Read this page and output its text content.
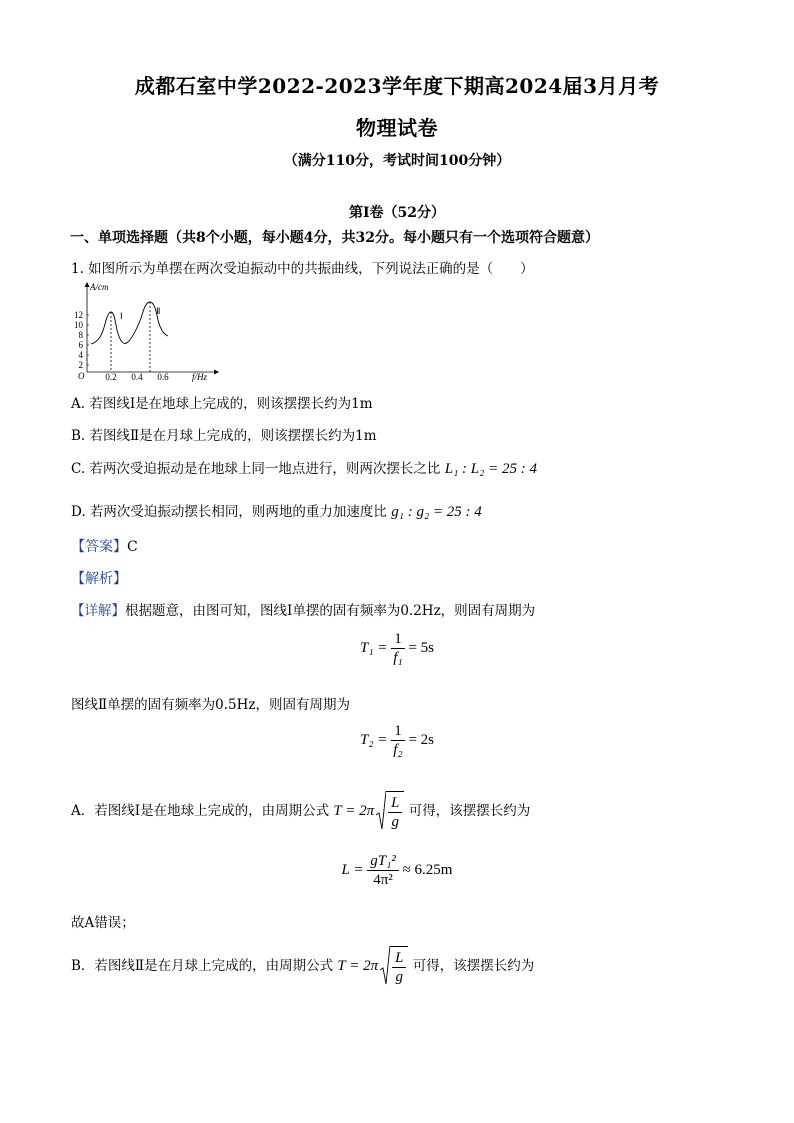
成都石室中学2022-2023学年度下期高2024届3月月考
物理试卷
（满分110分，考试时间100分钟）
第Ⅰ卷（52分）
一、单项选择题（共8个小题，每小题4分，共32分。每小题只有一个选项符合题意）
1. 如图所示为单摆在两次受迫振动中的共振曲线，下列说法正确的是（　　）
2
4
6
8
10
12
A/cm
O	f/Hz
0.2 0.4 0.6
Ⅰ	Ⅱ
A. 若图线Ⅰ是在地球上完成的，则该摆摆长约为1m
B. 若图线Ⅱ是在月球上完成的，则该摆摆长约为1m
C. 若两次受迫振动是在地球上同一地点进行，则两次摆长之比 L₁ : L₂ = 25 : 4
D. 若两次受迫振动摆长相同，则两地的重力加速度比 g₁ : g₂ = 25 : 4
【答案】C
【解析】
【详解】根据题意，由图可知，图线Ⅰ单摆的固有频率为0.2Hz，则固有周期为
$T_1 = \frac{1}{\text{f₁}} = 5s$
图线Ⅱ单摆的固有频率为0.5Hz，则固有周期为
$T_2 = \frac{1}{\text{f₂}} = 2s$
A．若图线Ⅰ是在地球上完成的，由周期公式 $T = 2\pi \frac{L}{g}$ 可得，该摆摆长约为
$L = \frac{\text{gT₁²}}{\text{4π²}} \approx 6.25m$
故A错误；
B．若图线Ⅱ是在月球上完成的，由周期公式 $T = 2\pi \frac{L}{g}$ 可得，该摆摆长约为
